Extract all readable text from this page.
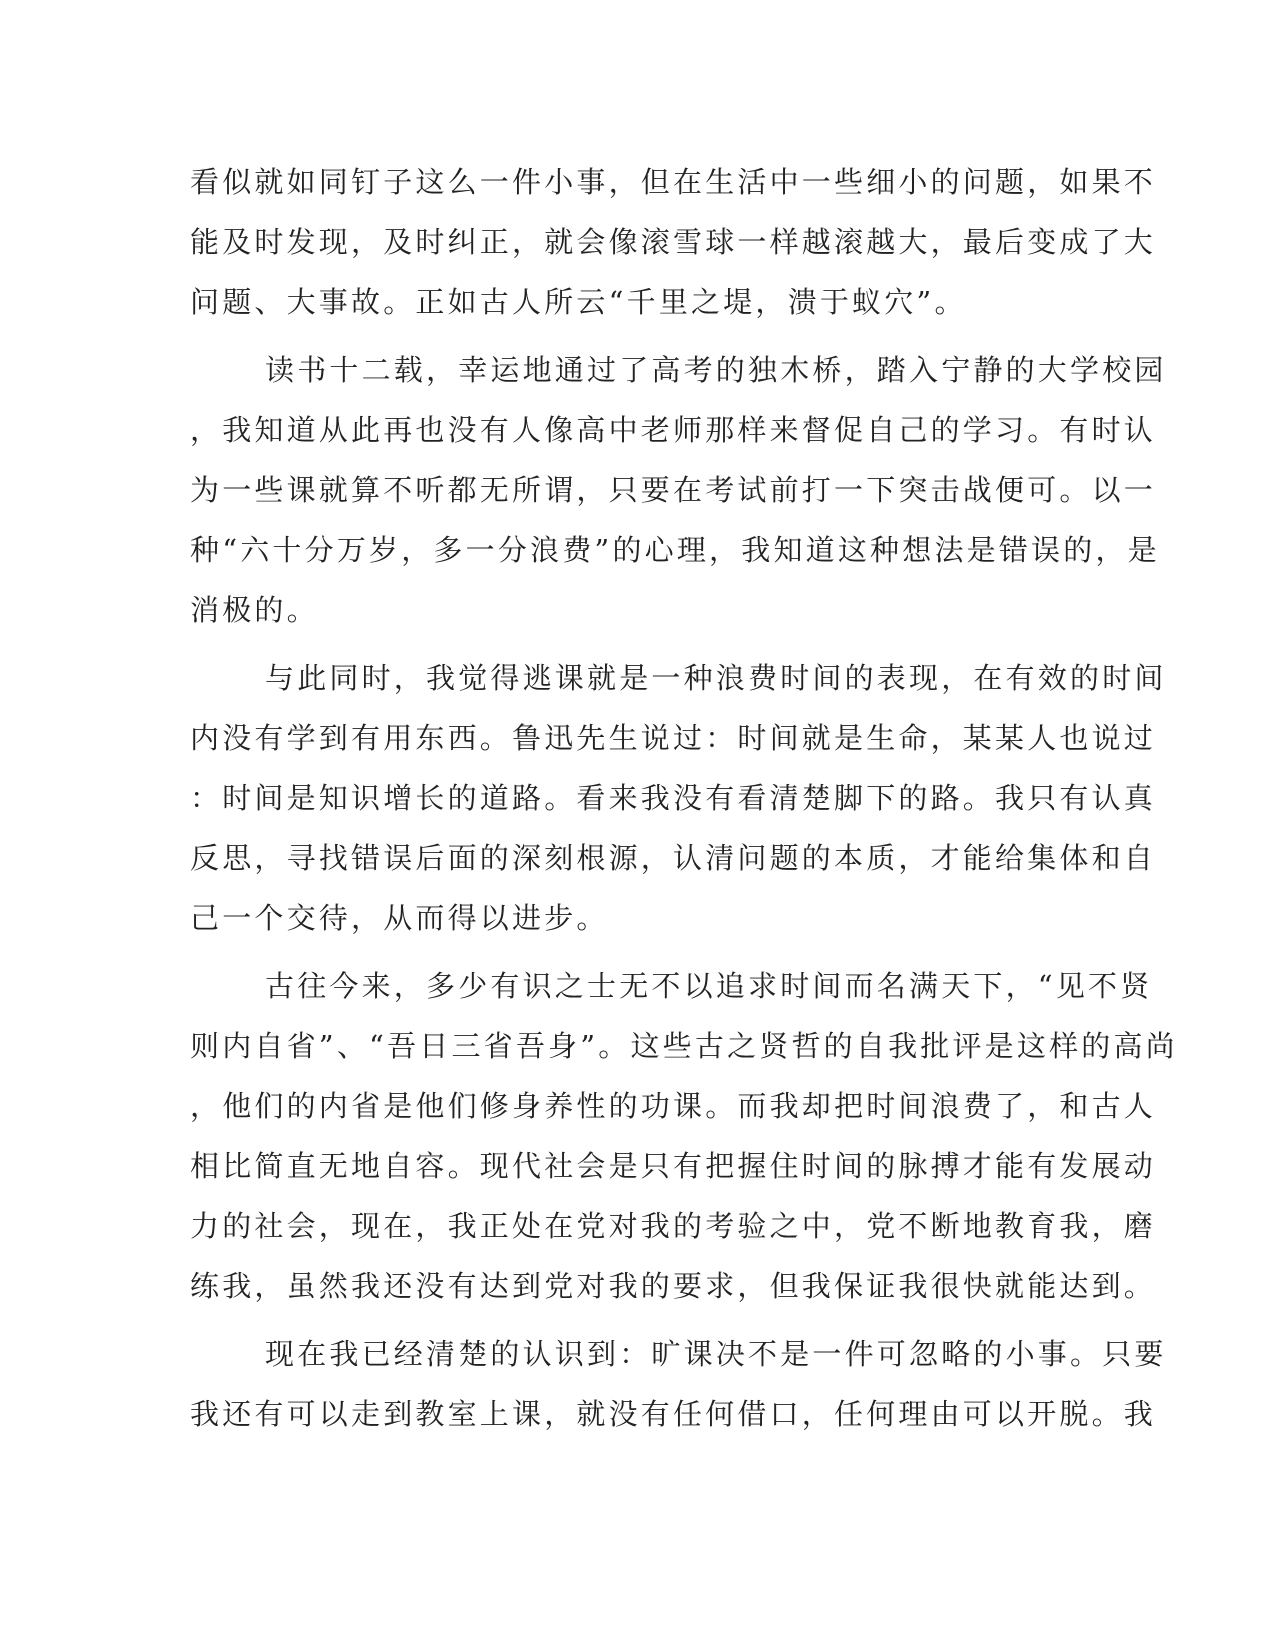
看似就如同钉子这么一件小事，但在生活中一些细小的问题，如果不
能及时发现，及时纠正，就会像滚雪球一样越滚越大，最后变成了大
问题、大事故。正如古人所云“千里之堤，溃于蚁穴”。
读书十二载，幸运地通过了高考的独木桥，踏入宁静的大学校园
，我知道从此再也没有人像高中老师那样来督促自己的学习。有时认
为一些课就算不听都无所谓，只要在考试前打一下突击战便可。以一
种“六十分万岁，多一分浪费”的心理，我知道这种想法是错误的，是
消极的。
与此同时，我觉得逃课就是一种浪费时间的表现，在有效的时间
内没有学到有用东西。鲁迅先生说过：时间就是生命，某某人也说过
：时间是知识增长的道路。看来我没有看清楚脚下的路。我只有认真
反思，寻找错误后面的深刻根源，认清问题的本质，才能给集体和自
己一个交待，从而得以进步。
古往今来，多少有识之士无不以追求时间而名满天下，“见不贤
则内自省”、“吾日三省吾身”。这些古之贤哲的自我批评是这样的高尚
，他们的内省是他们修身养性的功课。而我却把时间浪费了，和古人
相比简直无地自容。现代社会是只有把握住时间的脉搏才能有发展动
力的社会，现在，我正处在党对我的考验之中，党不断地教育我，磨
练我，虽然我还没有达到党对我的要求，但我保证我很快就能达到。
现在我已经清楚的认识到：旷课决不是一件可忽略的小事。只要
我还有可以走到教室上课，就没有任何借口，任何理由可以开脱。我
